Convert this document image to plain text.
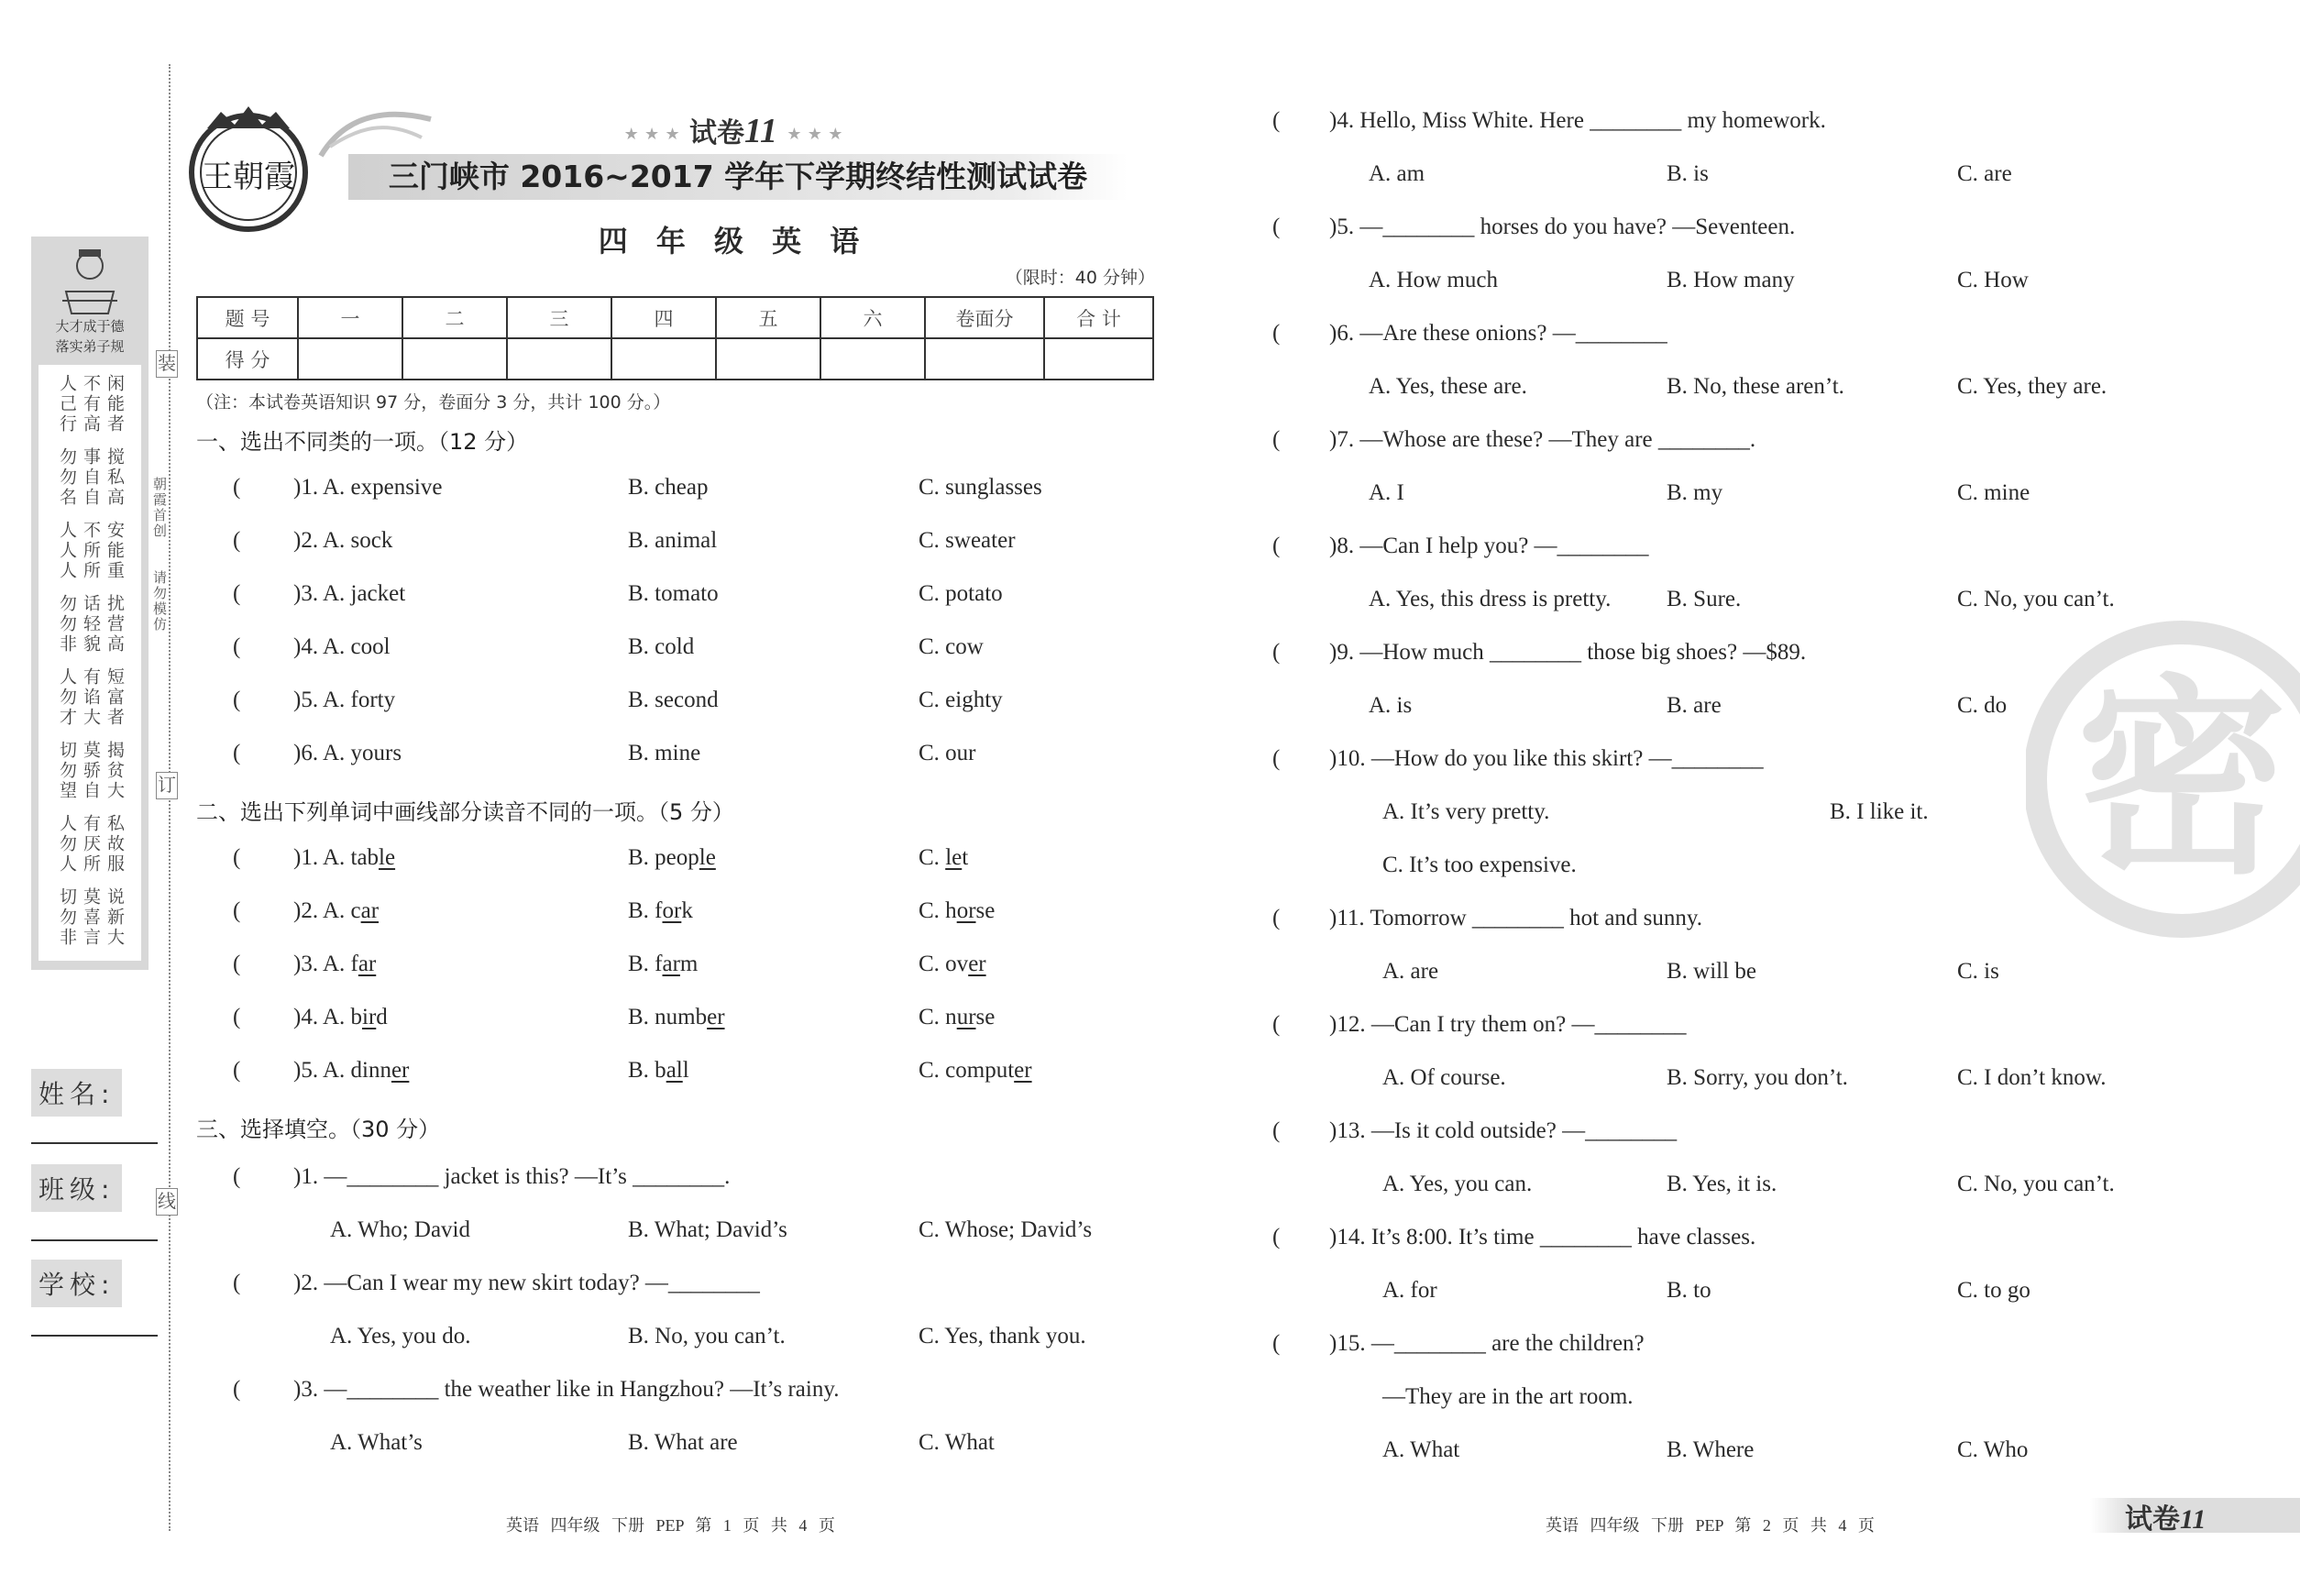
装
订
线
大才成于德
落实弟子规
人己行 不有高 闲能者
勿勿名 事自自 搅私高
人人人 不所所 安能重
勿勿非 话轻貌 扰营高
人勿才 有谄大 短富者
切勿望 莫骄自 揭贫大
人勿人 有厌所 私故服
切勿非 莫喜言 说新大
朝霞首创
请勿模仿
姓名:
班级:
学校:
王朝霞
★ ★ ★ 试卷11 ★ ★ ★
三门峡市 2016~2017 学年下学期终结性测试试卷
四 年 级 英 语
（限时：40 分钟）
题 号	一	二	三	四	五	六	卷面分	合 计
得 分								
（注：本试卷英语知识 97 分，卷面分 3 分，共计 100 分。）
一、选出不同类的一项。（12 分）
( )1. A. expensive	B. cheap	C. sunglasses
( )2. A. sock	B. animal	C. sweater
( )3. A. jacket	B. tomato	C. potato
( )4. A. cool	B. cold	C. cow
( )5. A. forty	B. second	C. eighty
( )6. A. yours	B. mine	C. our
二、选出下列单词中画线部分读音不同的一项。（5 分）
( )1. A. table	B. people	C. let
( )2. A. car	B. fork	C. horse
( )3. A. far	B. farm	C. over
( )4. A. bird	B. number	C. nurse
( )5. A. dinner	B. ball	C. computer
三、选择填空。（30 分）
( )1. —________ jacket is this? —It’s ________.
A. Who; David	B. What; David’s	C. Whose; David’s
( )2. —Can I wear my new skirt today? —________
A. Yes, you do.	B. No, you can’t.	C. Yes, thank you.
( )3. —________ the weather like in Hangzhou? —It’s rainy.
A. What’s	B. What are	C. What
( )4. Hello, Miss White. Here ________ my homework.
A. am	B. is	C. are
( )5. —________ horses do you have? —Seventeen.
A. How much	B. How many	C. How
( )6. —Are these onions? —________
A. Yes, these are.	B. No, these aren’t.	C. Yes, they are.
( )7. —Whose are these? —They are ________.
A. I	B. my	C. mine
( )8. —Can I help you? —________
A. Yes, this dress is pretty. B. Sure.	C. No, you can’t.
( )9. —How much ________ those big shoes? —$89.
A. is	B. are	C. do
( )10. —How do you like this skirt? —________
A. It’s very pretty.	B. I like it.
C. It’s too expensive.
( )11. Tomorrow ________ hot and sunny.
A. are	B. will be	C. is
( )12. —Can I try them on? —________
A. Of course.	B. Sorry, you don’t.	C. I don’t know.
( )13. —Is it cold outside? —________
A. Yes, you can.	B. Yes, it is.	C. No, you can’t.
( )14. It’s 8:00. It’s time ________ have classes.
A. for	B. to	C. to go
( )15. —________ are the children?
—They are in the art room.
A. What	B. Where	C. Who
密
英语 四年级 下册 PEP 第 1 页 共 4 页	英语 四年级 下册 PEP 第 2 页 共 4 页	试卷11
